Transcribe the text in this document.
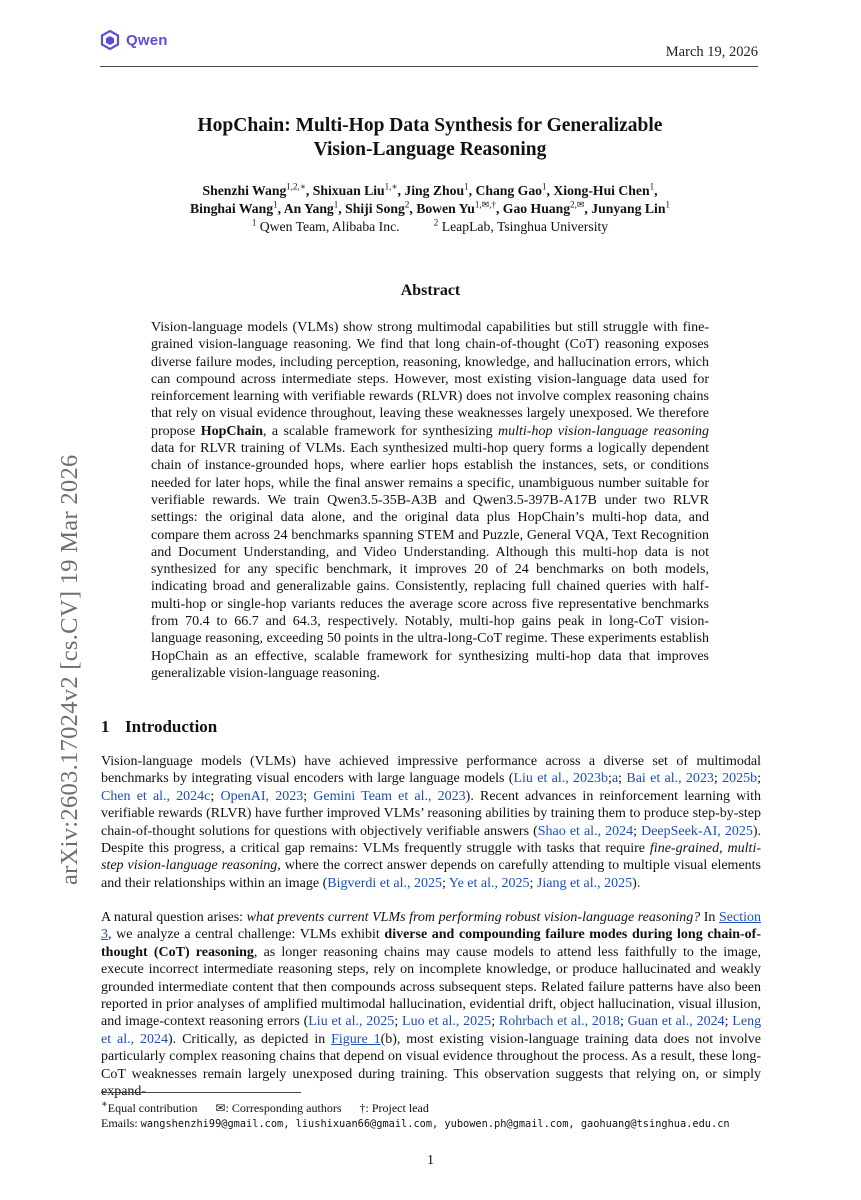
Qwen
March 19, 2026
arXiv:2603.17024v2 [cs.CV] 19 Mar 2026
HopChain: Multi-Hop Data Synthesis for Generalizable
Vision-Language Reasoning
Shenzhi Wang$^{1,2,∗}$, Shixuan Liu$^{1,∗}$, Jing Zhou$^1$, Chang Gao$^1$, Xiong-Hui Chen$^1$,
Binghai Wang$^1$, An Yang$^1$, Shiji Song$^2$, Bowen $Yu^{1,✉,\dagger}$, Gao Huang$^{2,✉}$, Junyang Lin$^1$
$^1$ Qwen Team, Alibaba Inc.	$^2$ LeapLab, Tsinghua University
Abstract
Vision-language models (VLMs) show strong multimodal capabilities but still struggle with fine-grained vision-language reasoning. We find that long chain-of-thought (CoT) reasoning exposes diverse failure modes, including perception, reasoning, knowledge, and hallucination errors, which can compound across intermediate steps. However, most existing vision-language data used for reinforcement learning with verifiable rewards (RLVR) does not involve complex reasoning chains that rely on visual evidence throughout, leaving these weaknesses largely unexposed. We therefore propose HopChain, a scalable framework for synthesizing multi-hop vision-language reasoning data for RLVR training of VLMs. Each synthesized multi-hop query forms a logically dependent chain of instance-grounded hops, where earlier hops establish the instances, sets, or conditions needed for later hops, while the final answer remains a specific, unambiguous number suitable for verifiable rewards. We train Qwen3.5-35B-A3B and Qwen3.5-397B-A17B under two RLVR settings: the original data alone, and the original data plus HopChain’s multi-hop data, and compare them across 24 benchmarks spanning STEM and Puzzle, General VQA, Text Recognition and Document Understanding, and Video Understanding. Although this multi-hop data is not synthesized for any specific benchmark, it improves 20 of 24 benchmarks on both models, indicating broad and generalizable gains. Consistently, replacing full chained queries with half-multi-hop or single-hop variants reduces the average score across five representative benchmarks from 70.4 to 66.7 and 64.3, respectively. Notably, multi-hop gains peak in long-CoT vision-language reasoning, exceeding 50 points in the ultra-long-CoT regime. These experiments establish HopChain as an effective, scalable framework for synthesizing multi-hop data that improves generalizable vision-language reasoning.
1 Introduction
Vision-language models (VLMs) have achieved impressive performance across a diverse set of multimodal benchmarks by integrating visual encoders with large language models (Liu et al., 2023b;a; Bai et al., 2023; 2025b; Chen et al., 2024c; OpenAI, 2023; Gemini Team et al., 2023). Recent advances in reinforcement learning with verifiable rewards (RLVR) have further improved VLMs’ reasoning abilities by training them to produce step-by-step chain-of-thought solutions for questions with objectively verifiable answers (Shao et al., 2024; DeepSeek-AI, 2025). Despite this progress, a critical gap remains: VLMs frequently struggle with tasks that require fine-grained, multi-step vision-language reasoning, where the correct answer depends on carefully attending to multiple visual elements and their relationships within an image (Bigverdi et al., 2025; Ye et al., 2025; Jiang et al., 2025).
A natural question arises: what prevents current VLMs from performing robust vision-language reasoning? In Section 3, we analyze a central challenge: VLMs exhibit diverse and compounding failure modes during long chain-of-thought (CoT) reasoning, as longer reasoning chains may cause models to attend less faithfully to the image, execute incorrect intermediate reasoning steps, rely on incomplete knowledge, or produce hallucinated and weakly grounded intermediate content that then compounds across subsequent steps. Related failure patterns have also been reported in prior analyses of amplified multimodal hallucination, evidential drift, object hallucination, visual illusion, and image-context reasoning errors (Liu et al., 2025; Luo et al., 2025; Rohrbach et al., 2018; Guan et al., 2024; Leng et al., 2024). Critically, as depicted in Figure 1(b), most existing vision-language training data does not involve particularly complex reasoning chains that depend on visual evidence throughout the process. As a result, these long-CoT weaknesses remain largely unexposed during training. This observation suggests that relying on, or simply expand-
∗Equal contribution ✉: Corresponding authors †: Project lead
Emails: wangshenzhi99@gmail.com, liushixuan66@gmail.com, yubowen.ph@gmail.com, gaohuang@tsinghua.edu.cn
1
